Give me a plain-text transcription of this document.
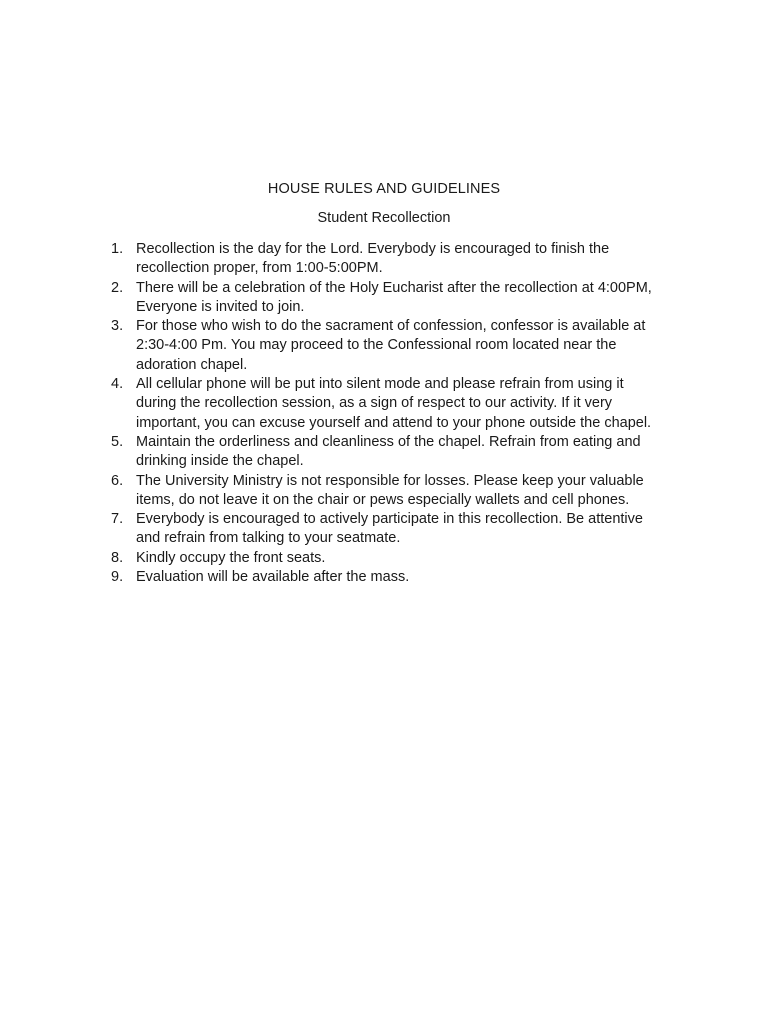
HOUSE RULES AND GUIDELINES
Student Recollection
1. Recollection is the day for the Lord. Everybody is encouraged to finish the
recollection proper, from 1:00-5:00PM.
2. There will be a celebration of the Holy Eucharist after the recollection at 4:00PM,
Everyone is invited to join.
3. For those who wish to do the sacrament of confession, confessor is available at
2:30-4:00 Pm. You may proceed to the Confessional room located near the
adoration chapel.
4. All cellular phone will be put into silent mode and please refrain from using it
during the recollection session, as a sign of respect to our activity. If it very
important, you can excuse yourself and attend to your phone outside the chapel.
5. Maintain the orderliness and cleanliness of the chapel. Refrain from eating and
drinking inside the chapel.
6. The University Ministry is not responsible for losses. Please keep your valuable
items, do not leave it on the chair or pews especially wallets and cell phones.
7. Everybody is encouraged to actively participate in this recollection. Be attentive
and refrain from talking to your seatmate.
8. Kindly occupy the front seats.
9. Evaluation will be available after the mass.
